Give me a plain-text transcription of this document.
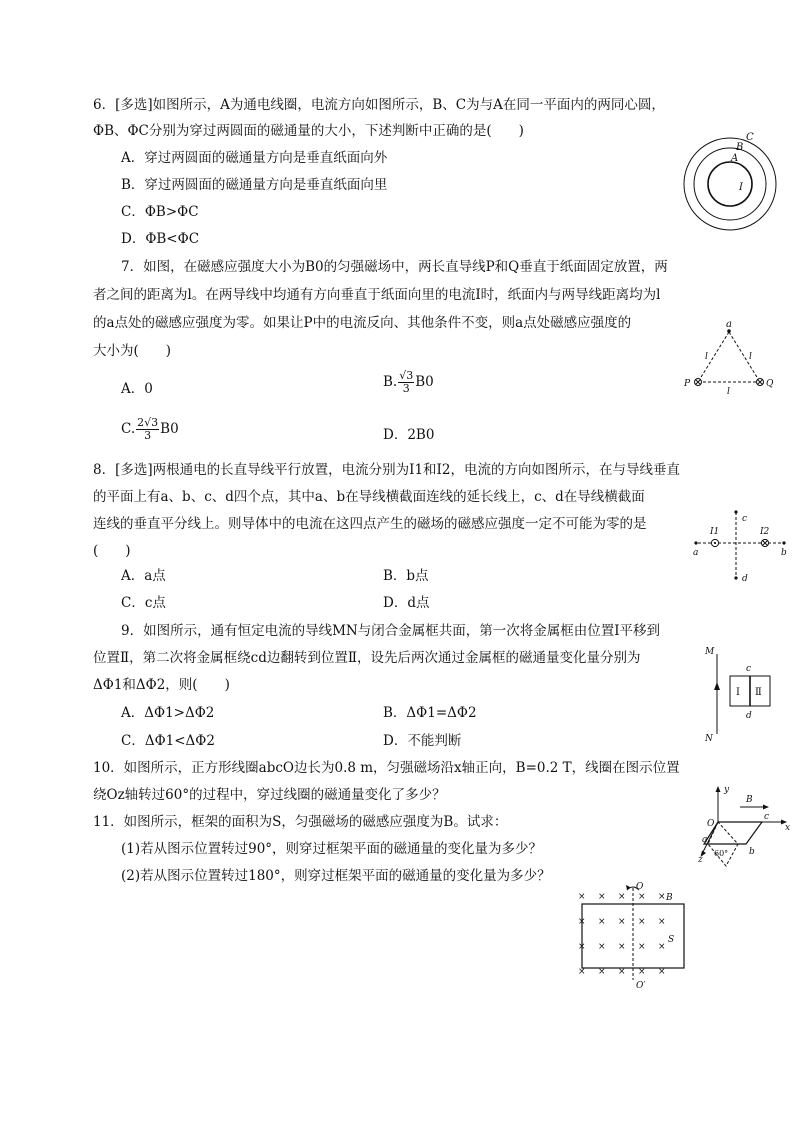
6．[多选]如图所示，A为通电线圈，电流方向如图所示，B、C为与A在同一平面内的两同心圆，
ΦB、ΦC分别为穿过两圆面的磁通量的大小，下述判断中正确的是(　　)
A．穿过两圆面的磁通量方向是垂直纸面向外
B．穿过两圆面的磁通量方向是垂直纸面向里
C．ΦB>ΦC
D．ΦB<ΦC
C
B
A
I
7．如图，在磁感应强度大小为B0的匀强磁场中，两长直导线P和Q垂直于纸面固定放置，两
者之间的距离为l。在两导线中均通有方向垂直于纸面向里的电流I时，纸面内与两导线距离均为l
的a点处的磁感应强度为零。如果让P中的电流反向、其他条件不变，则a点处磁感应强度的
大小为(　　)
A．0	B. $\frac{√3}{3} B0$
C. $\frac{2√3}{3} B0$	D．2B0
a
l	l
P
l
Q
8．[多选]两根通电的长直导线平行放置，电流分别为I1和I2，电流的方向如图所示，在与导线垂直
的平面上有a、b、c、d四个点，其中a、b在导线横截面连线的延长线上，c、d在导线横截面
连线的垂直平分线上。则导体中的电流在这四点产生的磁场的磁感应强度一定不可能为零的是
(　　)
A．a点	B．b点
C．c点	D．d点
I1	I2
c
a	b
d
9．如图所示，通有恒定电流的导线MN与闭合金属框共面，第一次将金属框由位置Ⅰ平移到
位置Ⅱ，第二次将金属框绕cd边翻转到位置Ⅱ，设先后两次通过金属框的磁通量变化量分别为
ΔΦ1和ΔΦ2，则(　　)
A．ΔΦ1>ΔΦ2	B．ΔΦ1=ΔΦ2
C．ΔΦ1<ΔΦ2	D．不能判断
M
N
c
d
Ⅰ Ⅱ
10．如图所示，正方形线圈abcO边长为0.8 m，匀强磁场沿x轴正向，B=0.2 T，线圈在图示位置
绕Oz轴转过60°的过程中，穿过线圈的磁通量变化了多少？	y
B
O
c
x
a
z
60° b
11．如图所示，框架的面积为S，匀强磁场的磁感应强度为B。试求：
(1)若从图示位置转过90°，则穿过框架平面的磁通量的变化量为多少？
(2)若从图示位置转过180°，则穿过框架平面的磁通量的变化量为多少？
× × × × ×
× × × × ×
× × × × ×
× × × × ×
O
B
S
O′
